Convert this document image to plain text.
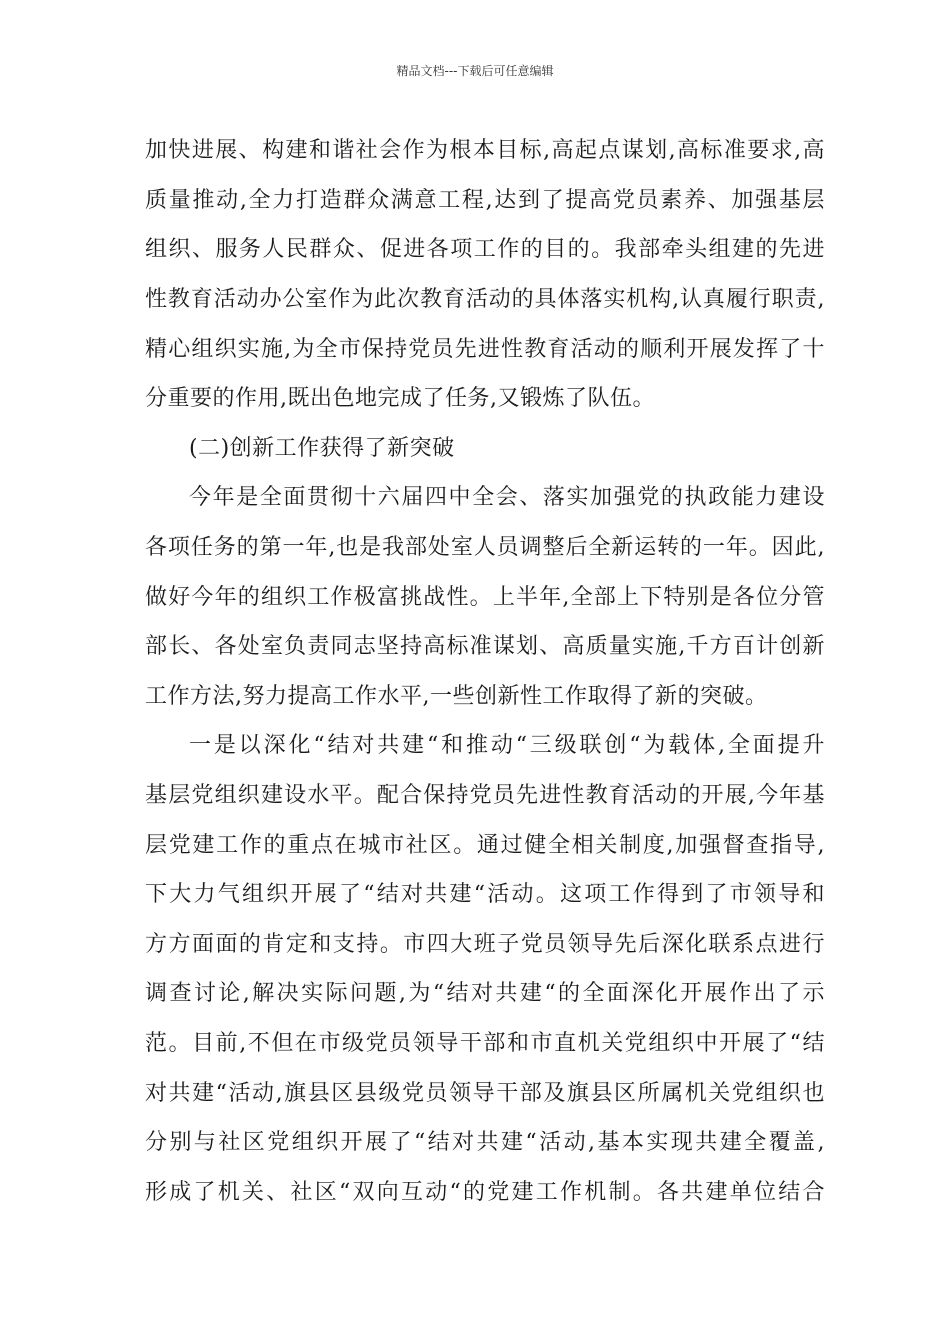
精品文档---下载后可任意编辑
加快进展、构建和谐社会作为根本目标,高起点谋划,高标准要求,高
质量推动,全力打造群众满意工程,达到了提高党员素养、加强基层
组织、服务人民群众、促进各项工作的目的。我部牵头组建的先进
性教育活动办公室作为此次教育活动的具体落实机构,认真履行职责,
精心组织实施,为全市保持党员先进性教育活动的顺利开展发挥了十
分重要的作用,既出色地完成了任务,又锻炼了队伍。
(二)创新工作获得了新突破
今年是全面贯彻十六届四中全会、落实加强党的执政能力建设
各项任务的第一年,也是我部处室人员调整后全新运转的一年。因此,
做好今年的组织工作极富挑战性。上半年,全部上下特别是各位分管
部长、各处室负责同志坚持高标准谋划、高质量实施,千方百计创新
工作方法,努力提高工作水平,一些创新性工作取得了新的突破。
一是以深化“结对共建“和推动“三级联创“为载体,全面提升
基层党组织建设水平。配合保持党员先进性教育活动的开展,今年基
层党建工作的重点在城市社区。通过健全相关制度,加强督查指导,
下大力气组织开展了“结对共建“活动。这项工作得到了市领导和
方方面面的肯定和支持。市四大班子党员领导先后深化联系点进行
调查讨论,解决实际问题,为“结对共建“的全面深化开展作出了示
范。目前,不但在市级党员领导干部和市直机关党组织中开展了“结
对共建“活动,旗县区县级党员领导干部及旗县区所属机关党组织也
分别与社区党组织开展了“结对共建“活动,基本实现共建全覆盖,
形成了机关、社区“双向互动“的党建工作机制。各共建单位结合
